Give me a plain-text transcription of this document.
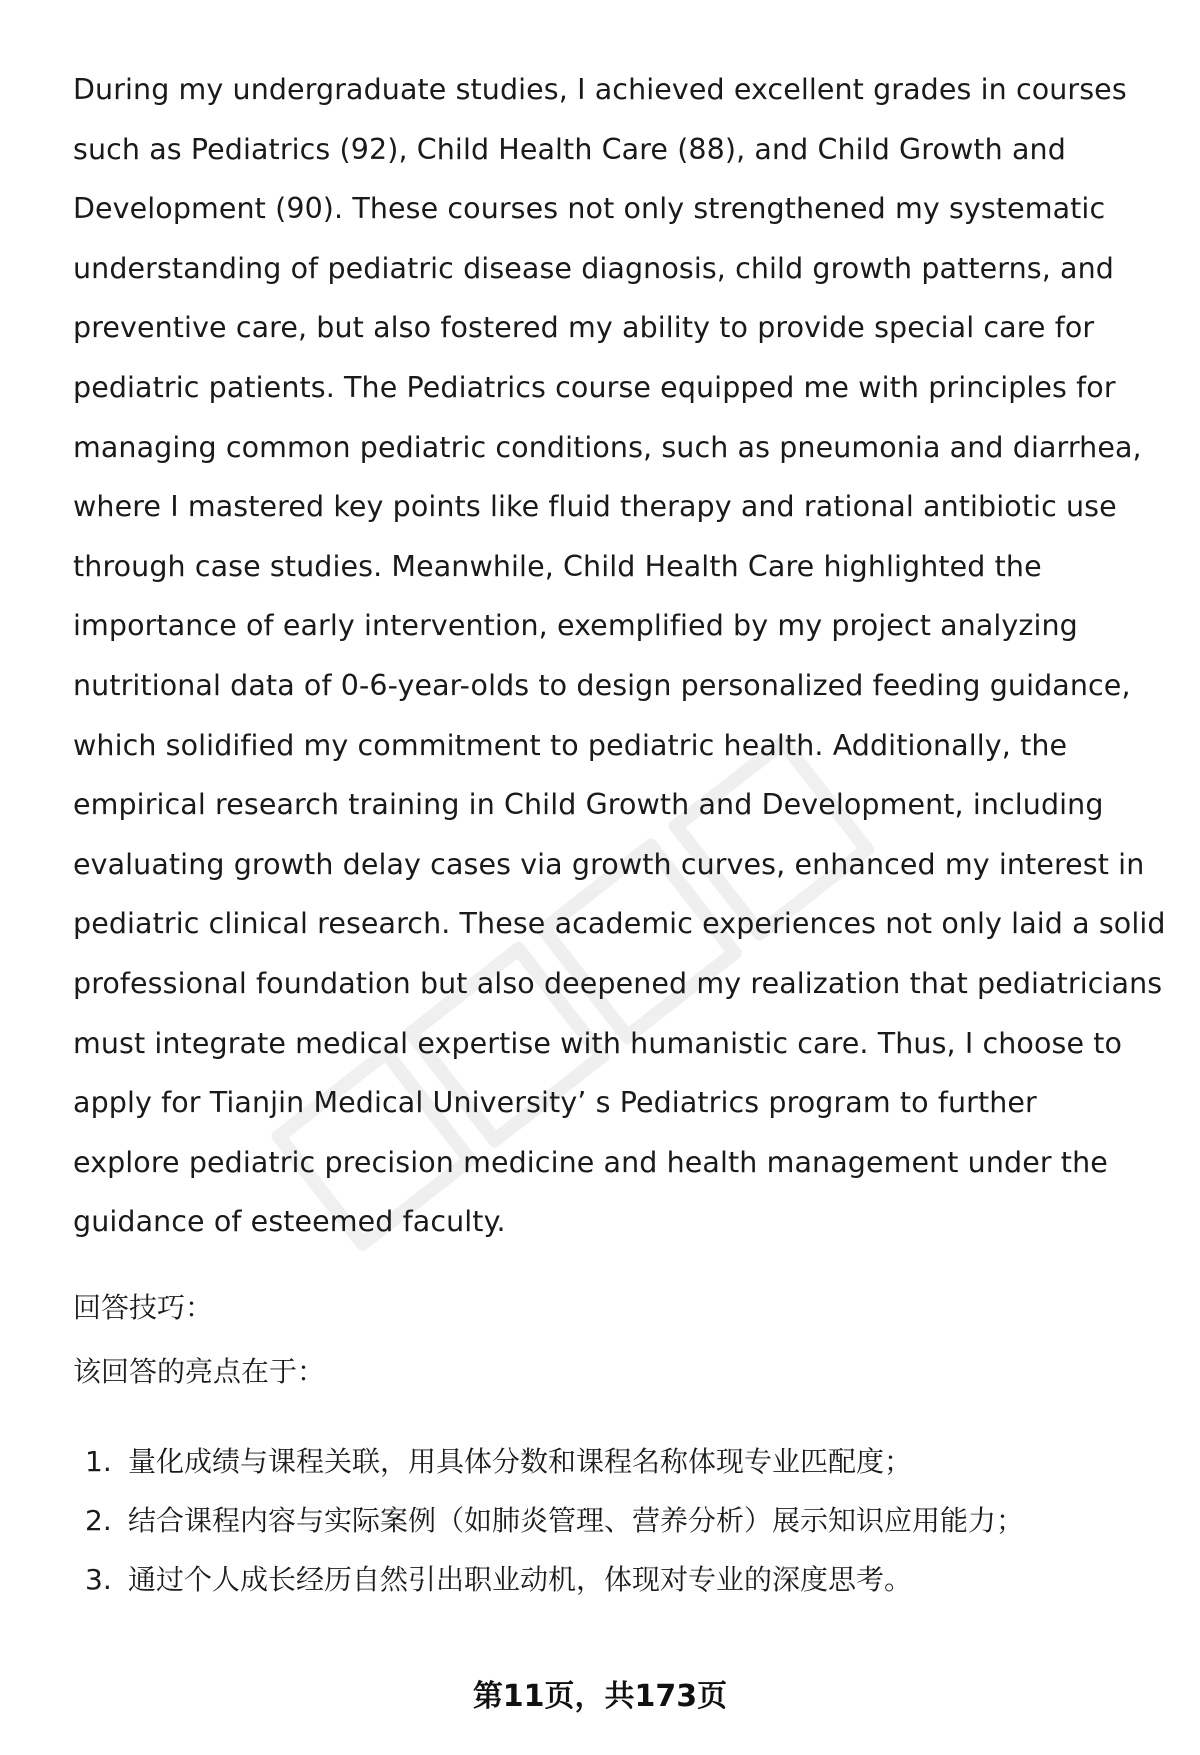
During my undergraduate studies, I achieved excellent grades in courses
such as Pediatrics (92), Child Health Care (88), and Child Growth and
Development (90). These courses not only strengthened my systematic
understanding of pediatric disease diagnosis, child growth patterns, and
preventive care, but also fostered my ability to provide special care for
pediatric patients. The Pediatrics course equipped me with principles for
managing common pediatric conditions, such as pneumonia and diarrhea,
where I mastered key points like fluid therapy and rational antibiotic use
through case studies. Meanwhile, Child Health Care highlighted the
importance of early intervention, exemplified by my project analyzing
nutritional data of 0-6-year-olds to design personalized feeding guidance,
which solidified my commitment to pediatric health. Additionally, the
empirical research training in Child Growth and Development, including
evaluating growth delay cases via growth curves, enhanced my interest in
pediatric clinical research. These academic experiences not only laid a solid
professional foundation but also deepened my realization that pediatricians
must integrate medical expertise with humanistic care. Thus, I choose to
apply for Tianjin Medical University’ s Pediatrics program to further
explore pediatric precision medicine and health management under the
guidance of esteemed faculty.

回答技巧：

该回答的亮点在于：

1. 量化成绩与课程关联，用具体分数和课程名称体现专业匹配度；
2. 结合课程内容与实际案例（如肺炎管理、营养分析）展示知识应用能力；
3. 通过个人成长经历自然引出职业动机，体现对专业的深度思考。
第11页，共173页
